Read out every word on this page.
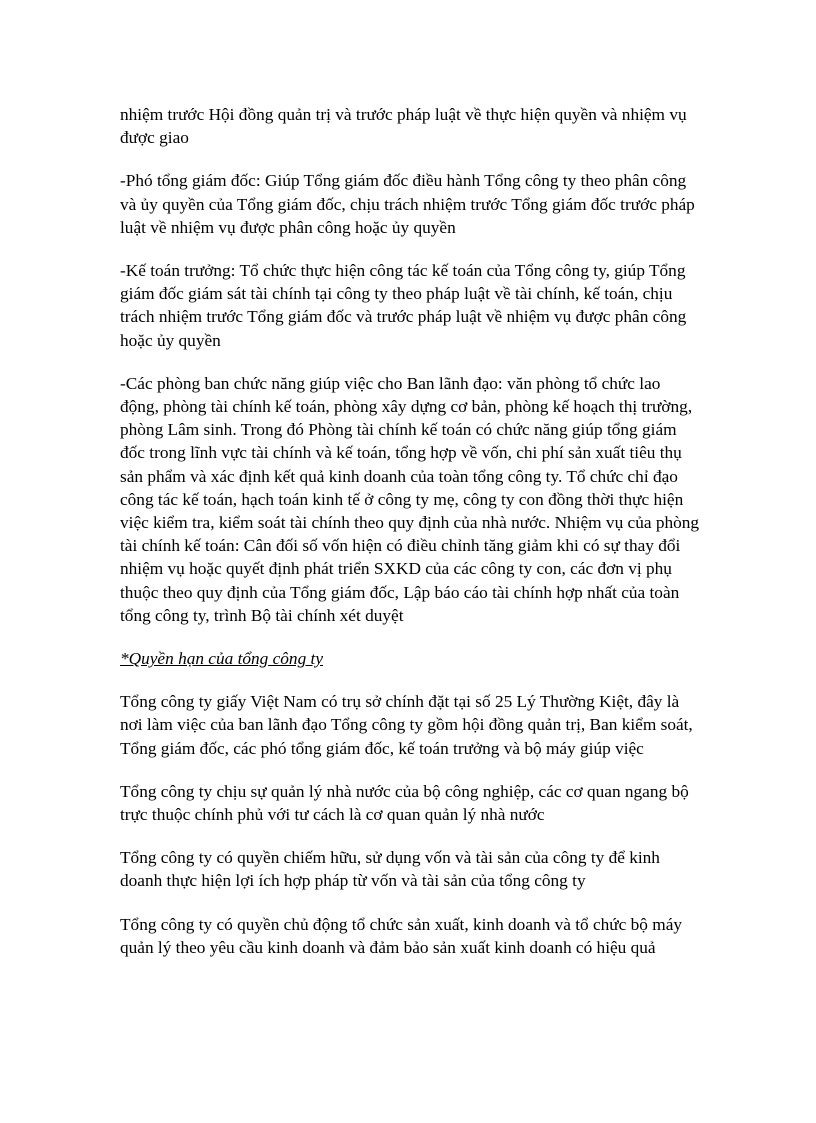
nhiệm trước Hội đồng quản trị và trước pháp luật về thực hiện quyền và nhiệm vụ được giao

-Phó tổng giám đốc: Giúp Tổng giám đốc điều hành Tổng công ty theo phân công và ủy quyền của Tổng giám đốc, chịu trách nhiệm trước Tổng giám đốc trước pháp luật về nhiệm vụ được phân công hoặc ủy quyền

-Kế toán trưởng: Tổ chức thực hiện công tác kế toán của Tổng công ty, giúp Tổng giám đốc giám sát tài chính tại công ty theo pháp luật về tài chính, kế toán, chịu trách nhiệm trước Tổng giám đốc và trước pháp luật về nhiệm vụ được phân công hoặc ủy quyền

-Các phòng ban chức năng giúp việc cho Ban lãnh đạo: văn phòng tổ chức lao động, phòng tài chính kế toán, phòng xây dựng cơ bản, phòng kế hoạch thị trường, phòng Lâm sinh. Trong đó Phòng tài chính kế toán có chức năng giúp tổng giám đốc trong lĩnh vực tài chính và kế toán, tổng hợp về vốn, chi phí sản xuất tiêu thụ sản phẩm và xác định kết quả kinh doanh của toàn tổng công ty. Tổ chức chỉ đạo công tác kế toán, hạch toán kinh tế ở công ty mẹ, công ty con đồng thời thực hiện việc kiểm tra, kiểm soát tài chính theo quy định của nhà nước. Nhiệm vụ của phòng tài chính kế toán: Cân đối số vốn hiện có điều chỉnh tăng giảm khi có sự thay đổi nhiệm vụ hoặc quyết định phát triển SXKD của các công ty con, các đơn vị phụ thuộc theo quy định của Tổng giám đốc, Lập báo cáo tài chính hợp nhất của toàn tổng công ty, trình Bộ tài chính xét duyệt

*Quyền hạn của tổng công ty

Tổng công ty giấy Việt Nam có trụ sở chính đặt tại số 25 Lý Thường Kiệt, đây là nơi làm việc của ban lãnh đạo Tổng công ty gồm hội đồng quản trị, Ban kiểm soát, Tổng giám đốc, các phó tổng giám đốc, kế toán trưởng và bộ máy giúp việc

Tổng công ty chịu sự quản lý nhà nước của bộ công nghiệp, các cơ quan ngang bộ trực thuộc chính phủ với tư cách là cơ quan quản lý nhà nước

Tổng công ty có quyền chiếm hữu, sử dụng vốn và tài sản của công ty để kinh doanh thực hiện lợi ích hợp pháp từ vốn và tài sản của tổng công ty

Tổng công ty có quyền chủ động tổ chức sản xuất, kinh doanh và tổ chức bộ máy quản lý theo yêu cầu kinh doanh và đảm bảo sản xuất kinh doanh có hiệu quả
